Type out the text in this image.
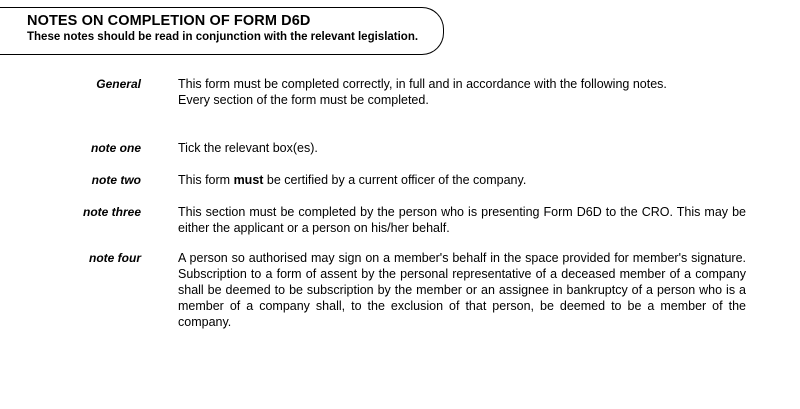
NOTES ON COMPLETION OF FORM D6D
These notes should be read in conjunction with the relevant legislation.
General	This form must be completed correctly, in full and in accordance with the following notes.

Every section of the form must be completed.

note one	Tick the relevant box(es).
note two	This form must be certified by a current officer of the company.
note three	This section must be completed by the person who is presenting Form D6D to the CRO. This may be either the applicant or a person on his/her behalf.
note four	A person so authorised may sign on a member's behalf in the space provided for member's signature. Subscription to a form of assent by the personal representative of a deceased member of a company shall be deemed to be subscription by the member or an assignee in bankruptcy of a person who is a member of a company shall, to the exclusion of that person, be deemed to be a member of the company.
